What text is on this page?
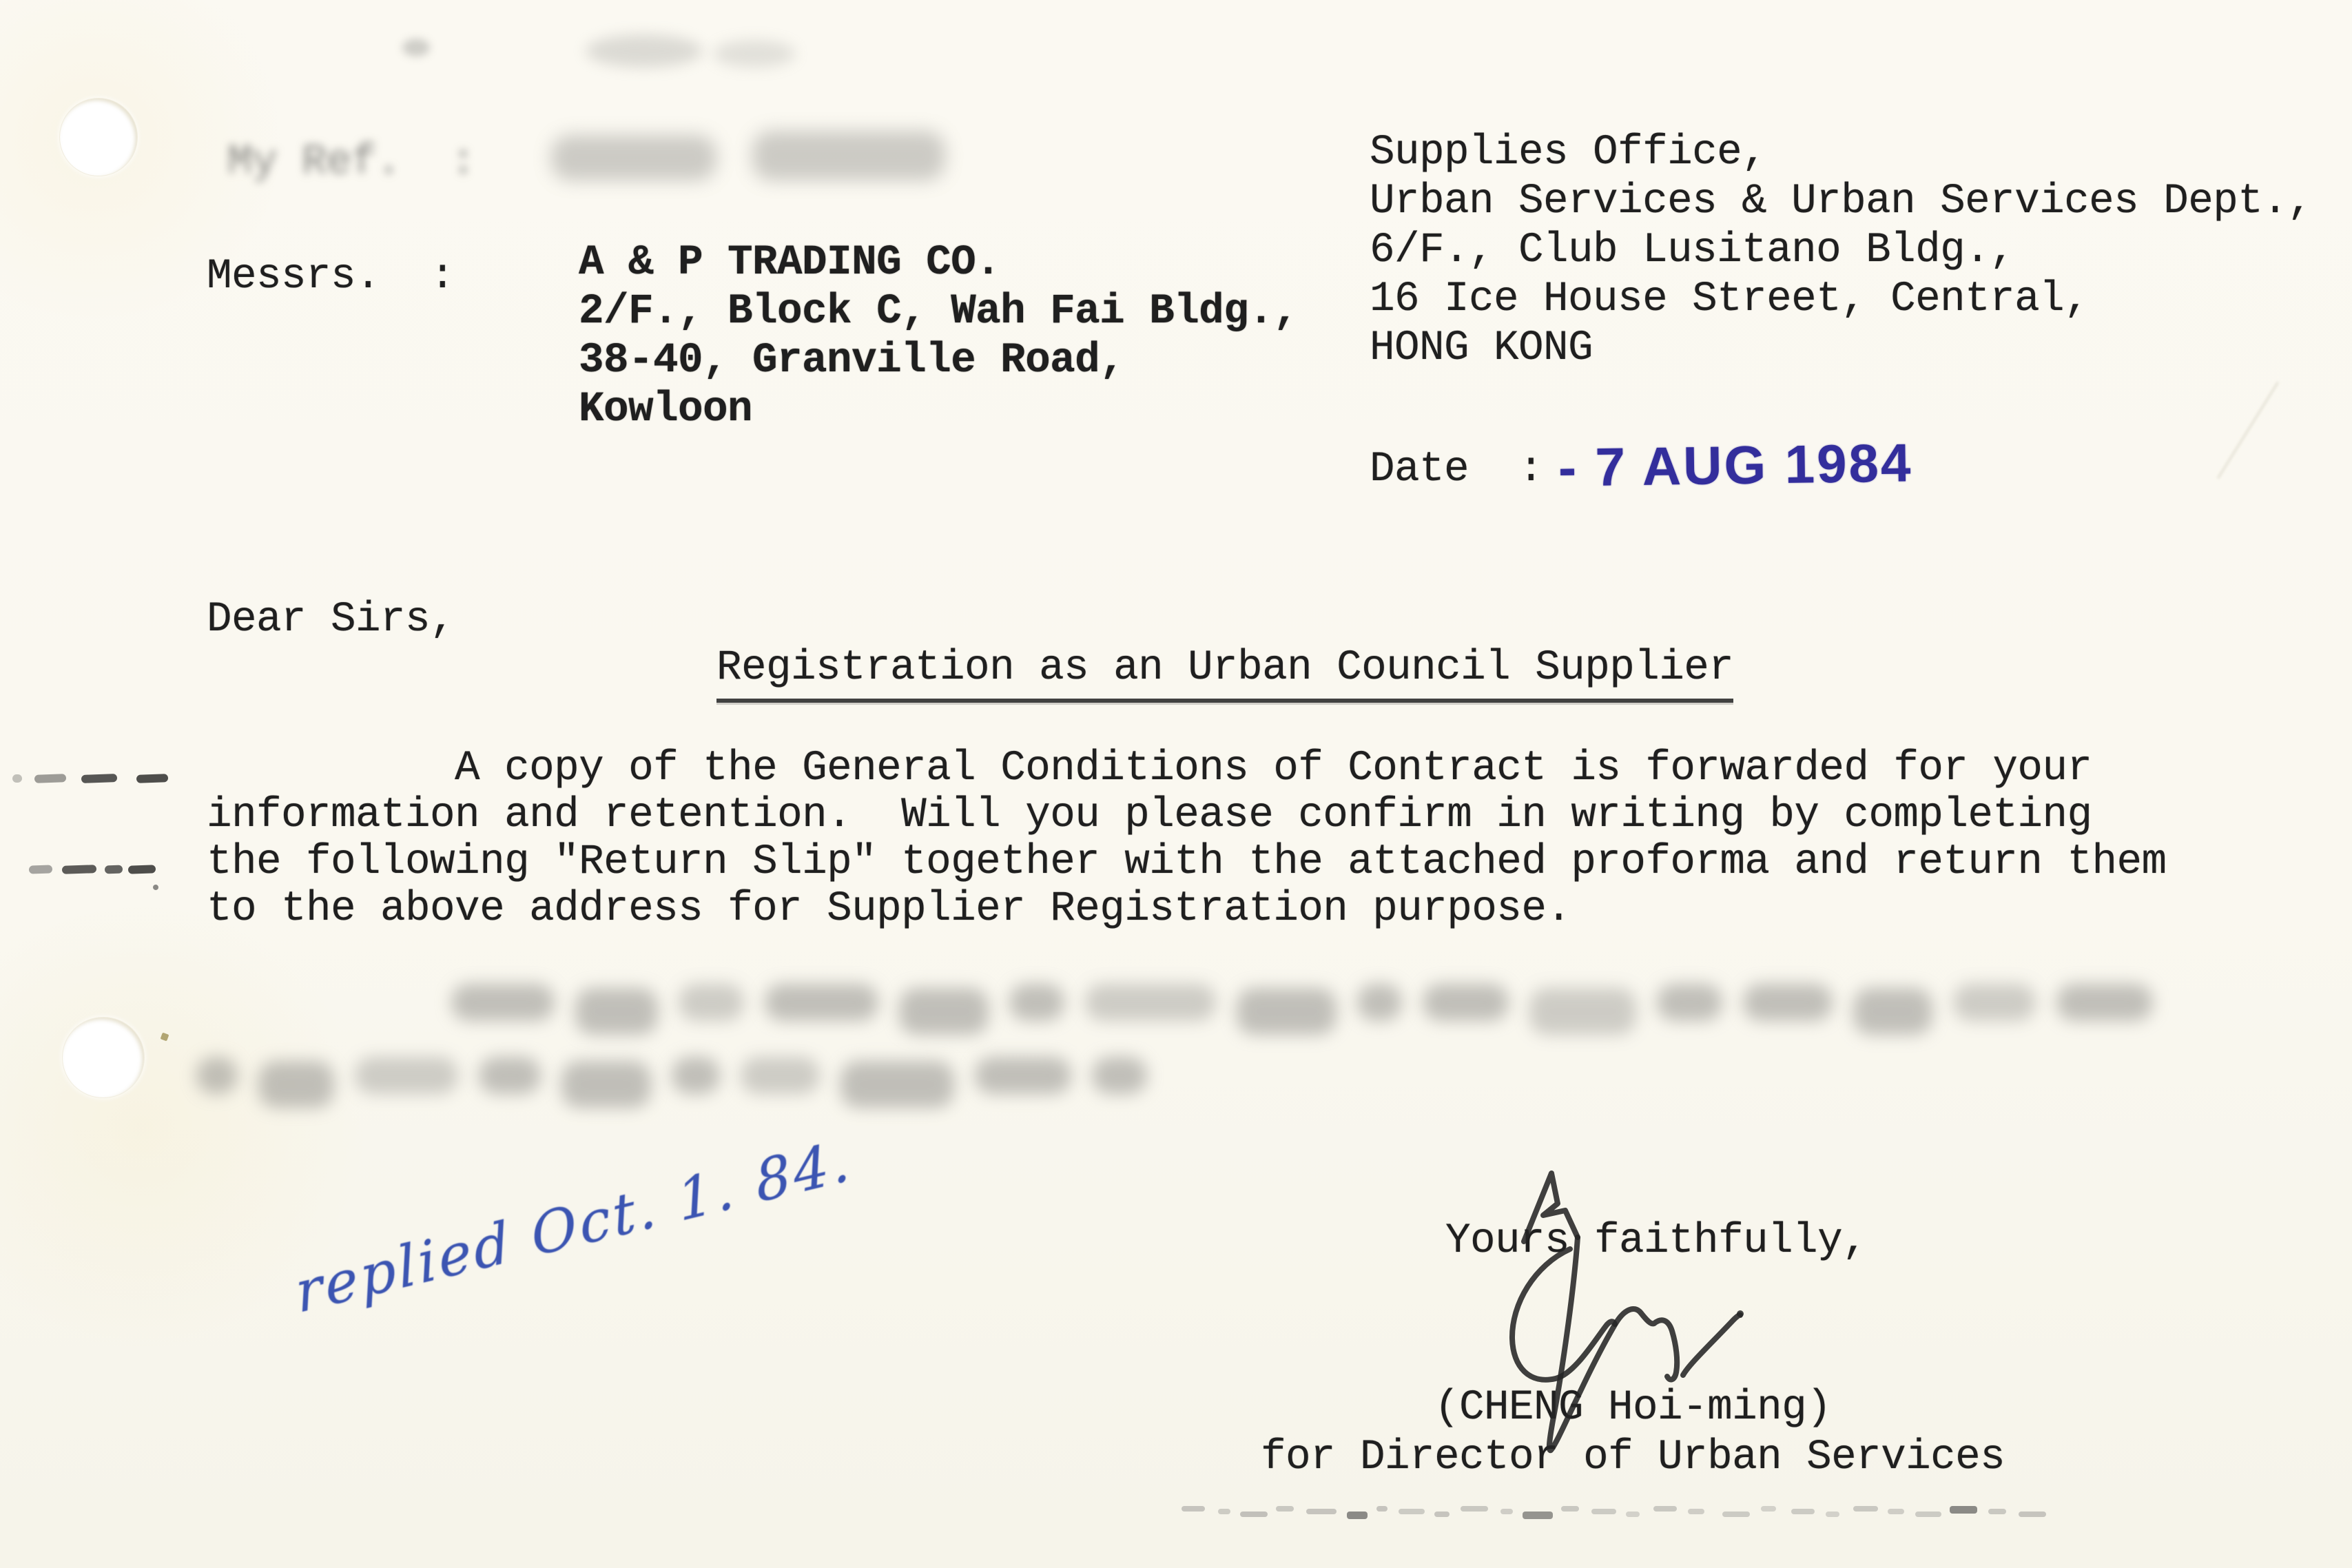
My Ref.  :	Supplies Office,
Urban Services & Urban Services Dept.,
6/F., Club Lusitano Bldg.,
16 Ice House Street, Central,
HONG KONG
Messrs.  :	A & P TRADING CO.
2/F., Block C, Wah Fai Bldg.,
38-40, Granville Road,
Kowloon
Date  : - 7 AUG 1984
Dear Sirs,
Registration as an Urban Council Supplier
A copy of the General Conditions of Contract is forwarded for your
information and retention.  Will you please confirm in writing by completing
the following "Return Slip" together with the attached proforma and return them
to the above address for Supplier Registration purpose.
replied Oct. 1. 84.	Yours faithfully,
(CHENG Hoi-ming)
for Director of Urban Services
